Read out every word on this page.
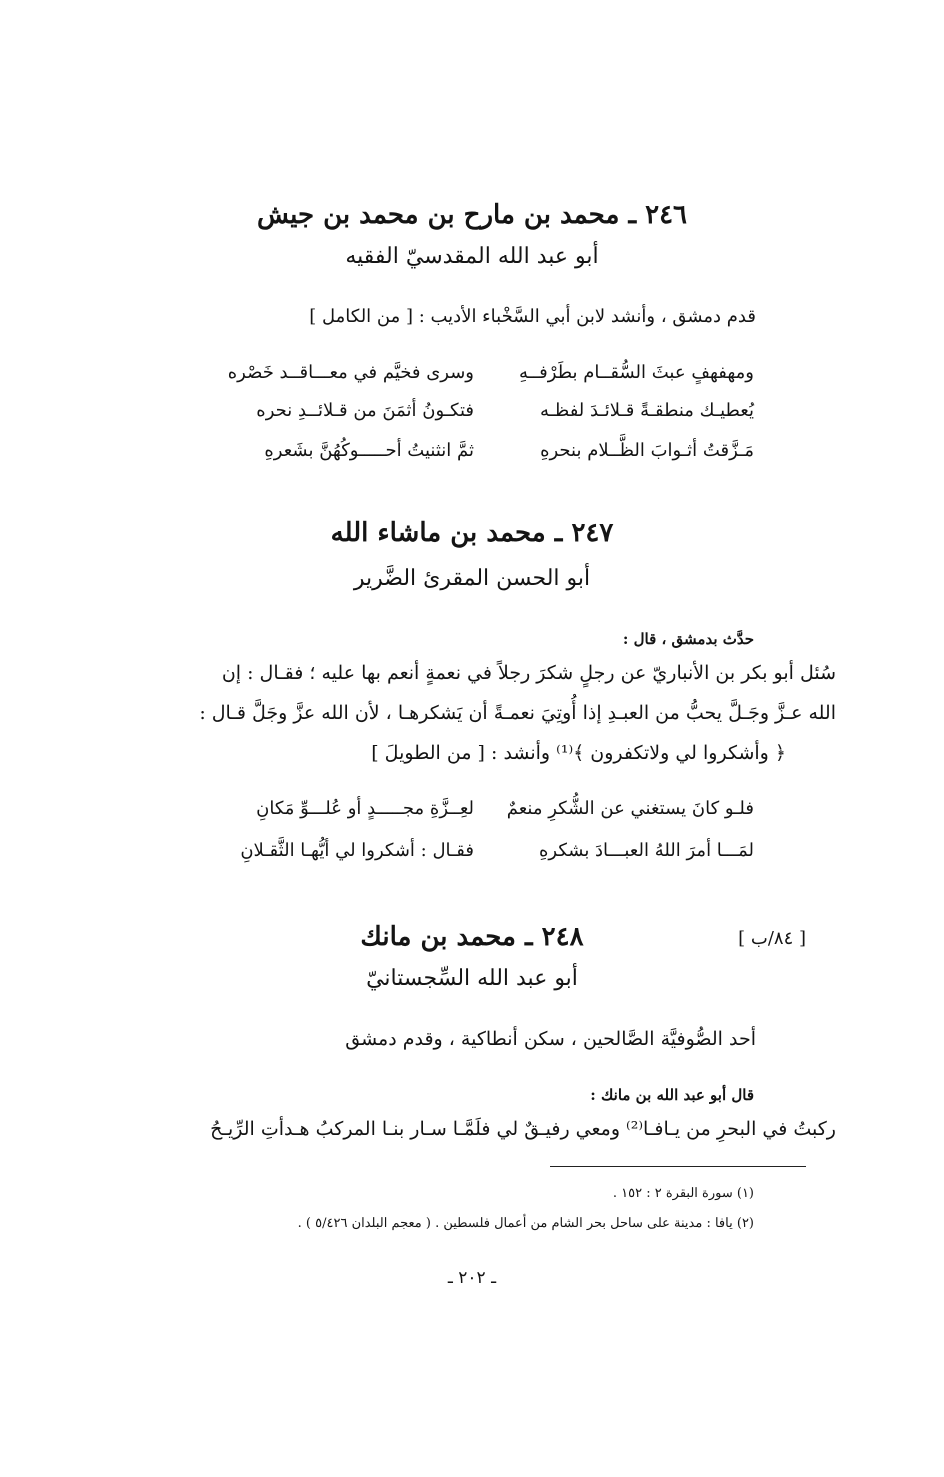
٢٤٦ ـ محمد بن مارح بن محمد بن جيش
أبو عبد الله المقدسيّ الفقيه
قدم دمشق ، وأنشد لابن أبي السَّخْباء الأديب : [ من الكامل ]
ومهفهفٍ عبثَ السُّقــام بطَرْفــهِ
وسرى فخيَّم في معـــاقــد خَصْره
يُعطيـك منطقـةً قـلائـدَ لفظـه
فتكـونُ أثمَنَ من قـلائــدِ نحره
مَـزَّقتُ أثـوابَ الظَّــلام بنحرهِ
ثمَّ انثنيتُ أحـــــوكُهُنَّ بشَعرهِ
٢٤٧ ـ محمد بن ماشاء الله
أبو الحسن المقرئ الضَّرير
حدَّث بدمشق ، قال :
سُئل أبو بكر بن الأنباريّ عن رجلٍ شكرَ رجلاً في نعمةٍ أنعم بها عليه ؛ فقـال : إن
الله عـزَّ وجَـلَّ يحبُّ من العبـدِ إذا أُوتِيَ نعمـةً أن يَشكرهـا ، لأن الله عزَّ وجَلَّ قـال :
﴿ وأشكروا لي ولاتكفرون ﴾⁽¹⁾ وأنشد : [ من الطويلَ ]
فلـو كانَ يستغني عن الشُّكرِ منعمٌ
لعِــزَّةِ مجـــــدٍ أو عُلـــوِّ مَكانِ
لمَـــا أمرَ اللهُ العبـــادَ بشكرهِ
فقـال : أشكروا لي أيُّهـا الثَّقـلانِ
[ ٨٤/ب ]
٢٤٨ ـ محمد بن مانك
أبو عبد الله السِّجستانيّ
أحد الصُّوفيَّة الصَّالحين ، سكن أنطاكية ، وقدم دمشق
قال أبو عبد الله بن مانك :
ركبتُ في البحرِ من يـافـا⁽²⁾ ومعي رفيـقٌ لي فلَمَّـا سـار بنـا المركبُ هـدأتِ الرِّيـحُ
(١) سورة البقرة ٢ : ١٥٢ .
(٢) يافا : مدينة على ساحل بحر الشام من أعمال فلسطين . ( معجم البلدان ٥/٤٢٦ ) .
ـ ٢٠٢ ـ
